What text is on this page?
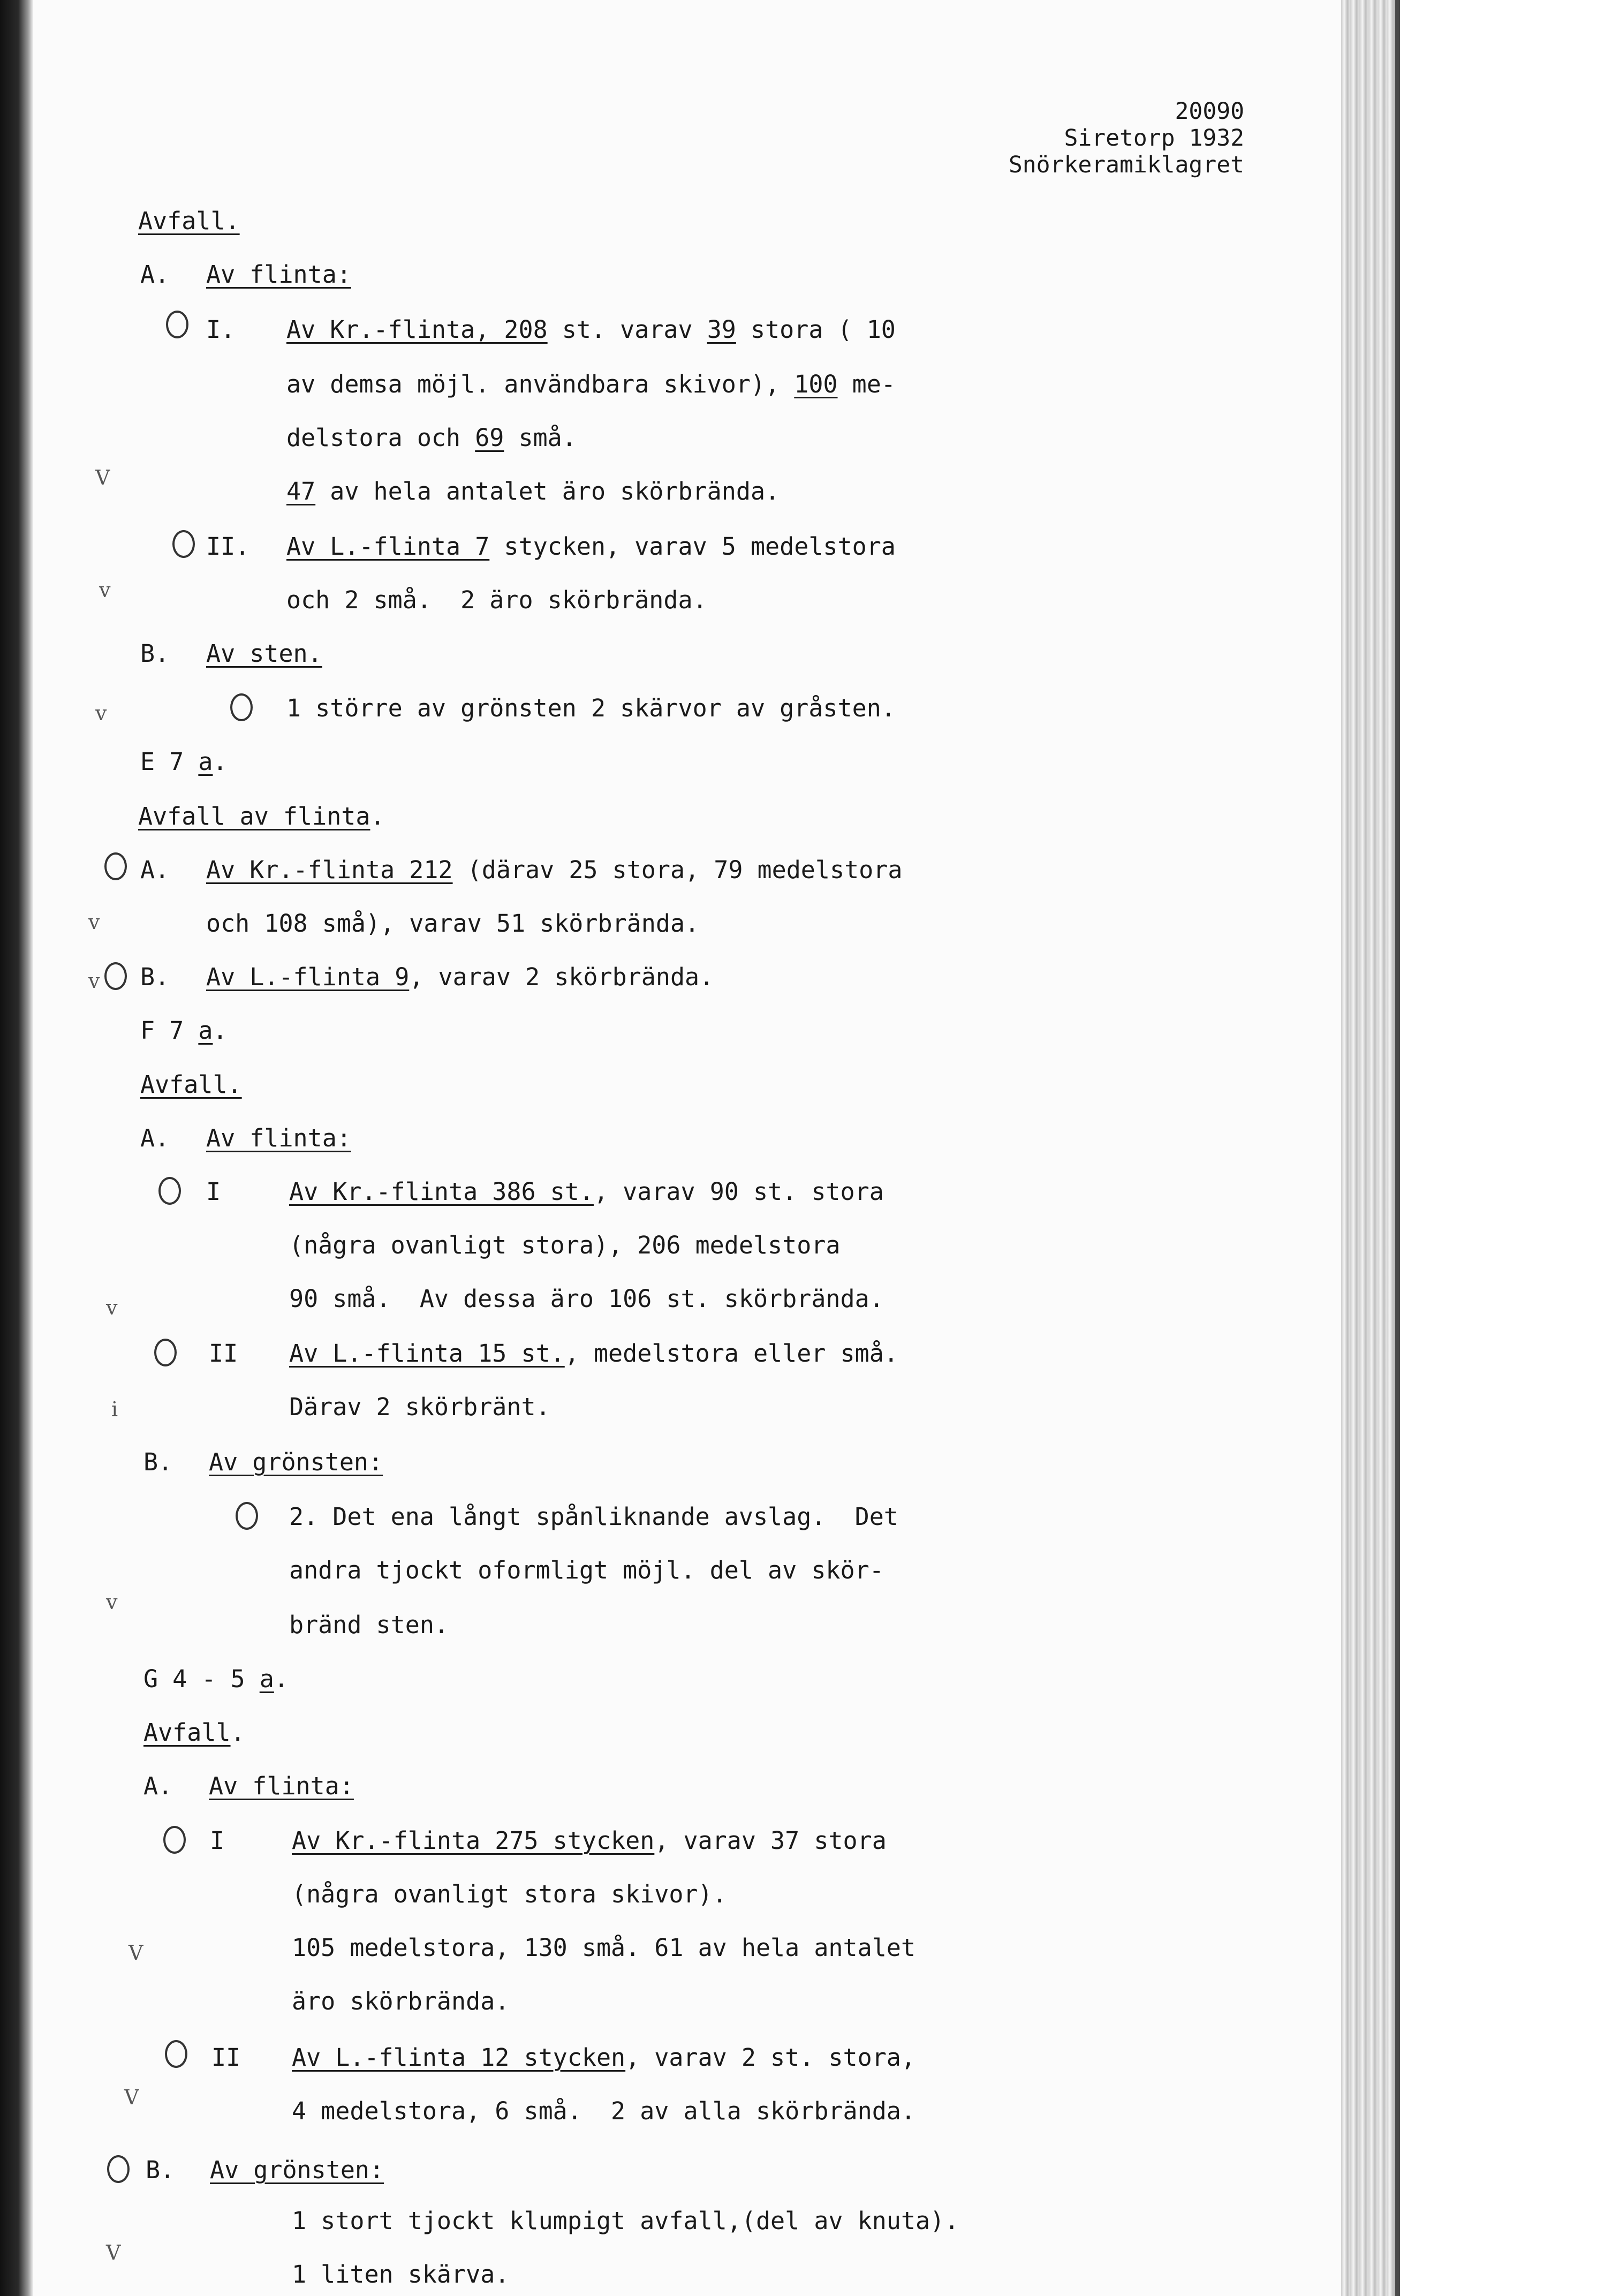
20090
Siretorp 1932
Snörkeramiklagret
Avfall.
A. Av flinta:
I. Av Kr.-flinta, 208 st. varav 39 stora ( 10
av demsa möjl. användbara skivor), 100 me-
delstora och 69 små.
47 av hela antalet äro skörbrända.
II. Av L.-flinta 7 stycken, varav 5 medelstora
och 2 små.  2 äro skörbrända.
B. Av sten.
1 större av grönsten 2 skärvor av gråsten.
E 7 a.
Avfall av flinta.
A. Av Kr.-flinta 212 (därav 25 stora, 79 medelstora
och 108 små), varav 51 skörbrända.
B. Av L.-flinta 9, varav 2 skörbrända.
F 7 a.
Avfall.
A. Av flinta:
I	Av Kr.-flinta 386 st., varav 90 st. stora
(några ovanligt stora), 206 medelstora
90 små.  Av dessa äro 106 st. skörbrända.
II Av L.-flinta 15 st., medelstora eller små.
Därav 2 skörbränt.
B. Av grönsten:
2. Det ena långt spånliknande avslag.  Det
andra tjockt oformligt möjl. del av skör-
bränd sten.
G 4 - 5 a.
Avfall.
A. Av flinta:
I	Av Kr.-flinta 275 stycken, varav 37 stora
(några ovanligt stora skivor).
105 medelstora, 130 små. 61 av hela antalet
äro skörbrända.
II Av L.-flinta 12 stycken, varav 2 st. stora,
4 medelstora, 6 små.  2 av alla skörbrända.
B. Av grönsten:
1 stort tjockt klumpigt avfall,(del av knuta).
1 liten skärva.
V
v
v
v
v
v
i
v
V
V
V
